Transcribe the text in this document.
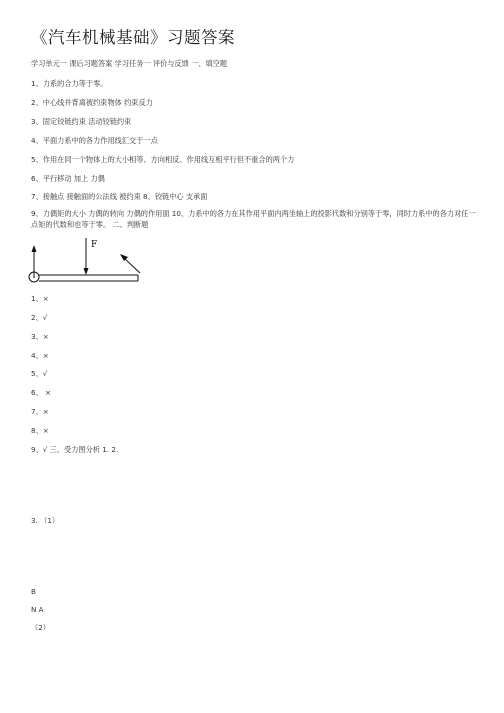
《汽车机械基础》习题答案
学习单元一 课后习题答案 学习任务一 评价与反馈 一、填空题
1、力系的合力等于零。
2、中心线并背离被约束物体 约束反力
3、固定铰链约束 活动铰链约束
4、平面力系中的各力作用线汇交于一点
5、作用在同一个物体上的大小相等、方向相反、作用线互相平行但不重合的两个力
6、平行移动 加上 力偶
7、接触点 接触面的公法线 被约束 8、铰链中心 支承面
9、力偶矩的大小 力偶的转向 力偶的作用面 10、力系中的各力在其作用平面内两坐轴上的投影代数和分别等于零，同时力系中的各力对任一点矩的代数和也等于零。 二、判断题
F
1、×
2、√
3、×
4、×
5、√
6、 ×
7、×
8、×
9、√ 三、受力图分析 1. 2.
3. （1）
B
N A
（2）
